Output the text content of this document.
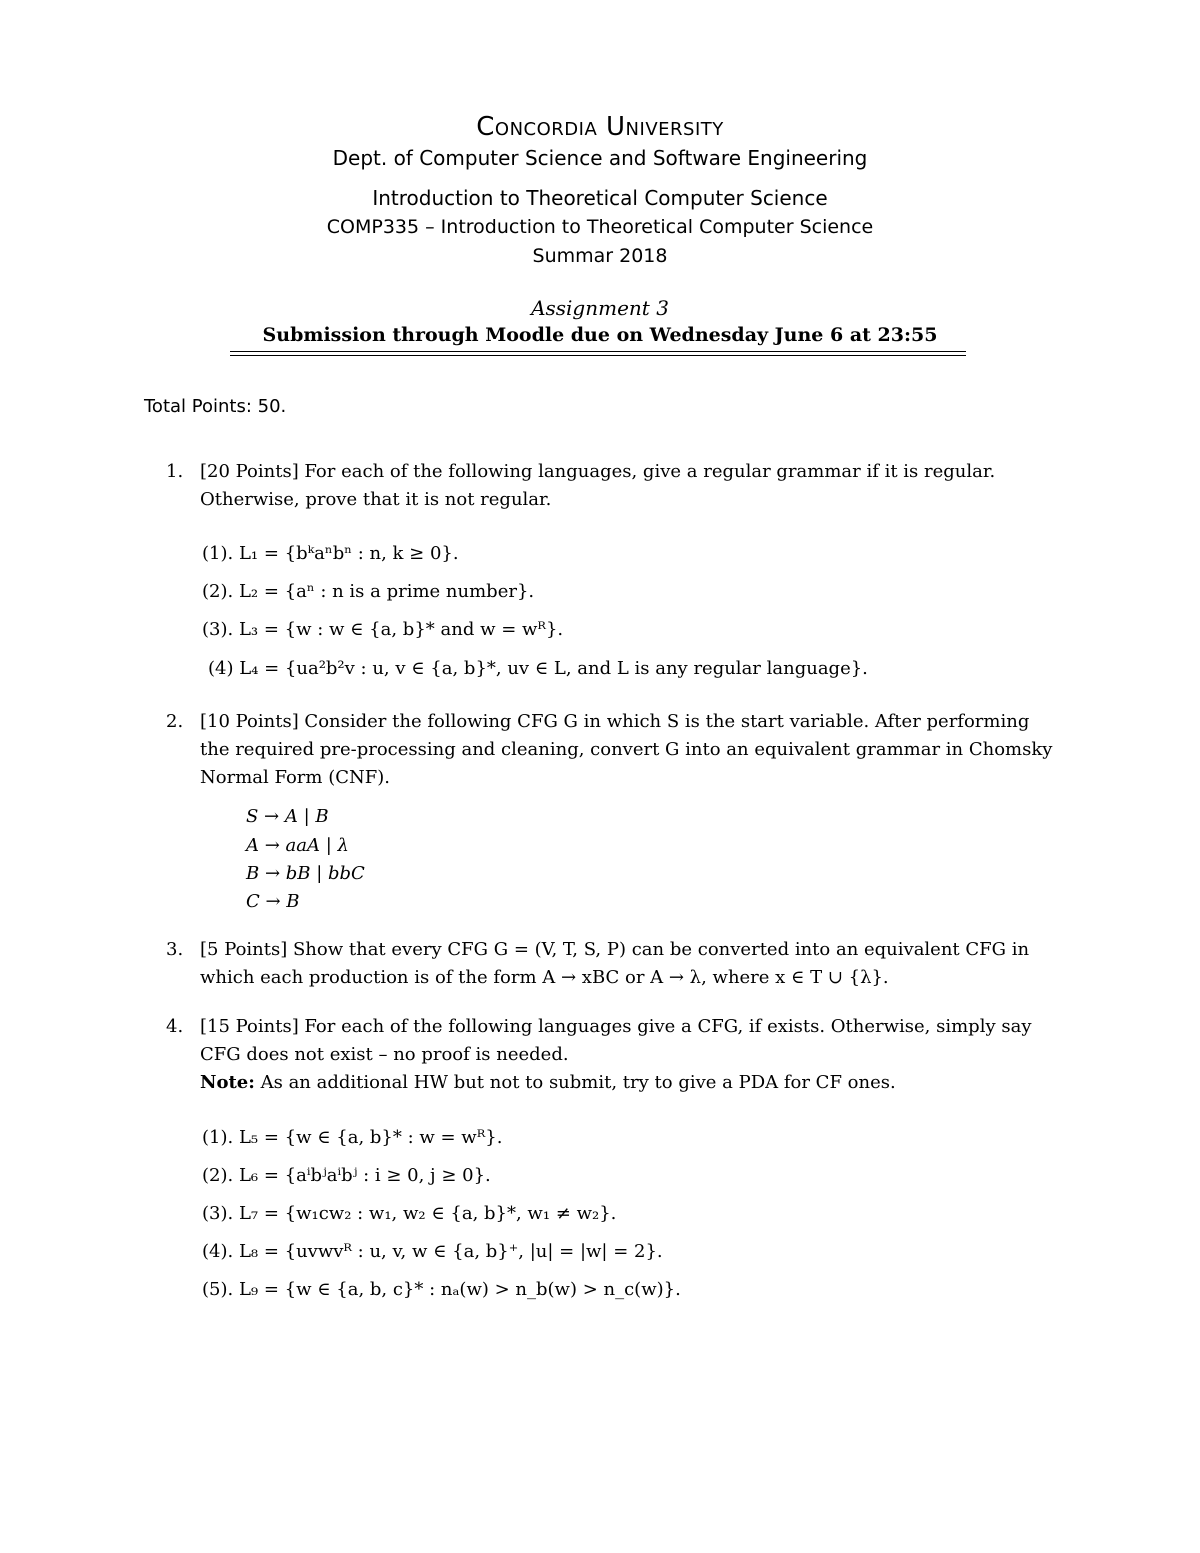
Concordia University
Dept. of Computer Science and Software Engineering
Introduction to Theoretical Computer Science
COMP335 – Introduction to Theoretical Computer Science
Summar 2018
Assignment 3
Submission through Moodle due on Wednesday June 6 at 23:55
Total Points: 50.
1. [20 Points] For each of the following languages, give a regular grammar if it is regular. Otherwise, prove that it is not regular.
(1). L₁ = {bᵏaⁿbⁿ : n, k ≥ 0}.
(2). L₂ = {aⁿ : n is a prime number}.
(3). L₃ = {w : w ∈ {a, b}* and w = wᴿ}.
(4) L₄ = {ua²b²v : u, v ∈ {a, b}*, uv ∈ L, and L is any regular language}.
2. [10 Points] Consider the following CFG G in which S is the start variable. After performing the required pre-processing and cleaning, convert G into an equivalent grammar in Chomsky Normal Form (CNF).
S → A | B
A → aaA | λ
B → bB | bbC
C → B
3. [5 Points] Show that every CFG G = (V, T, S, P) can be converted into an equivalent CFG in which each production is of the form A → xBC or A → λ, where x ∈ T ∪ {λ}.
4. [15 Points] For each of the following languages give a CFG, if exists. Otherwise, simply say CFG does not exist – no proof is needed.
Note: As an additional HW but not to submit, try to give a PDA for CF ones.
(1). L₅ = {w ∈ {a, b}* : w = wᴿ}.
(2). L₆ = {aⁱbʲaⁱbʲ : i ≥ 0, j ≥ 0}.
(3). L₇ = {w₁cw₂ : w₁, w₂ ∈ {a, b}*, w₁ ≠ w₂}.
(4). L₈ = {uvwvᴿ : u, v, w ∈ {a, b}⁺, |u| = |w| = 2}.
(5). L₉ = {w ∈ {a, b, c}* : nₐ(w) > n_b(w) > n_c(w)}.
